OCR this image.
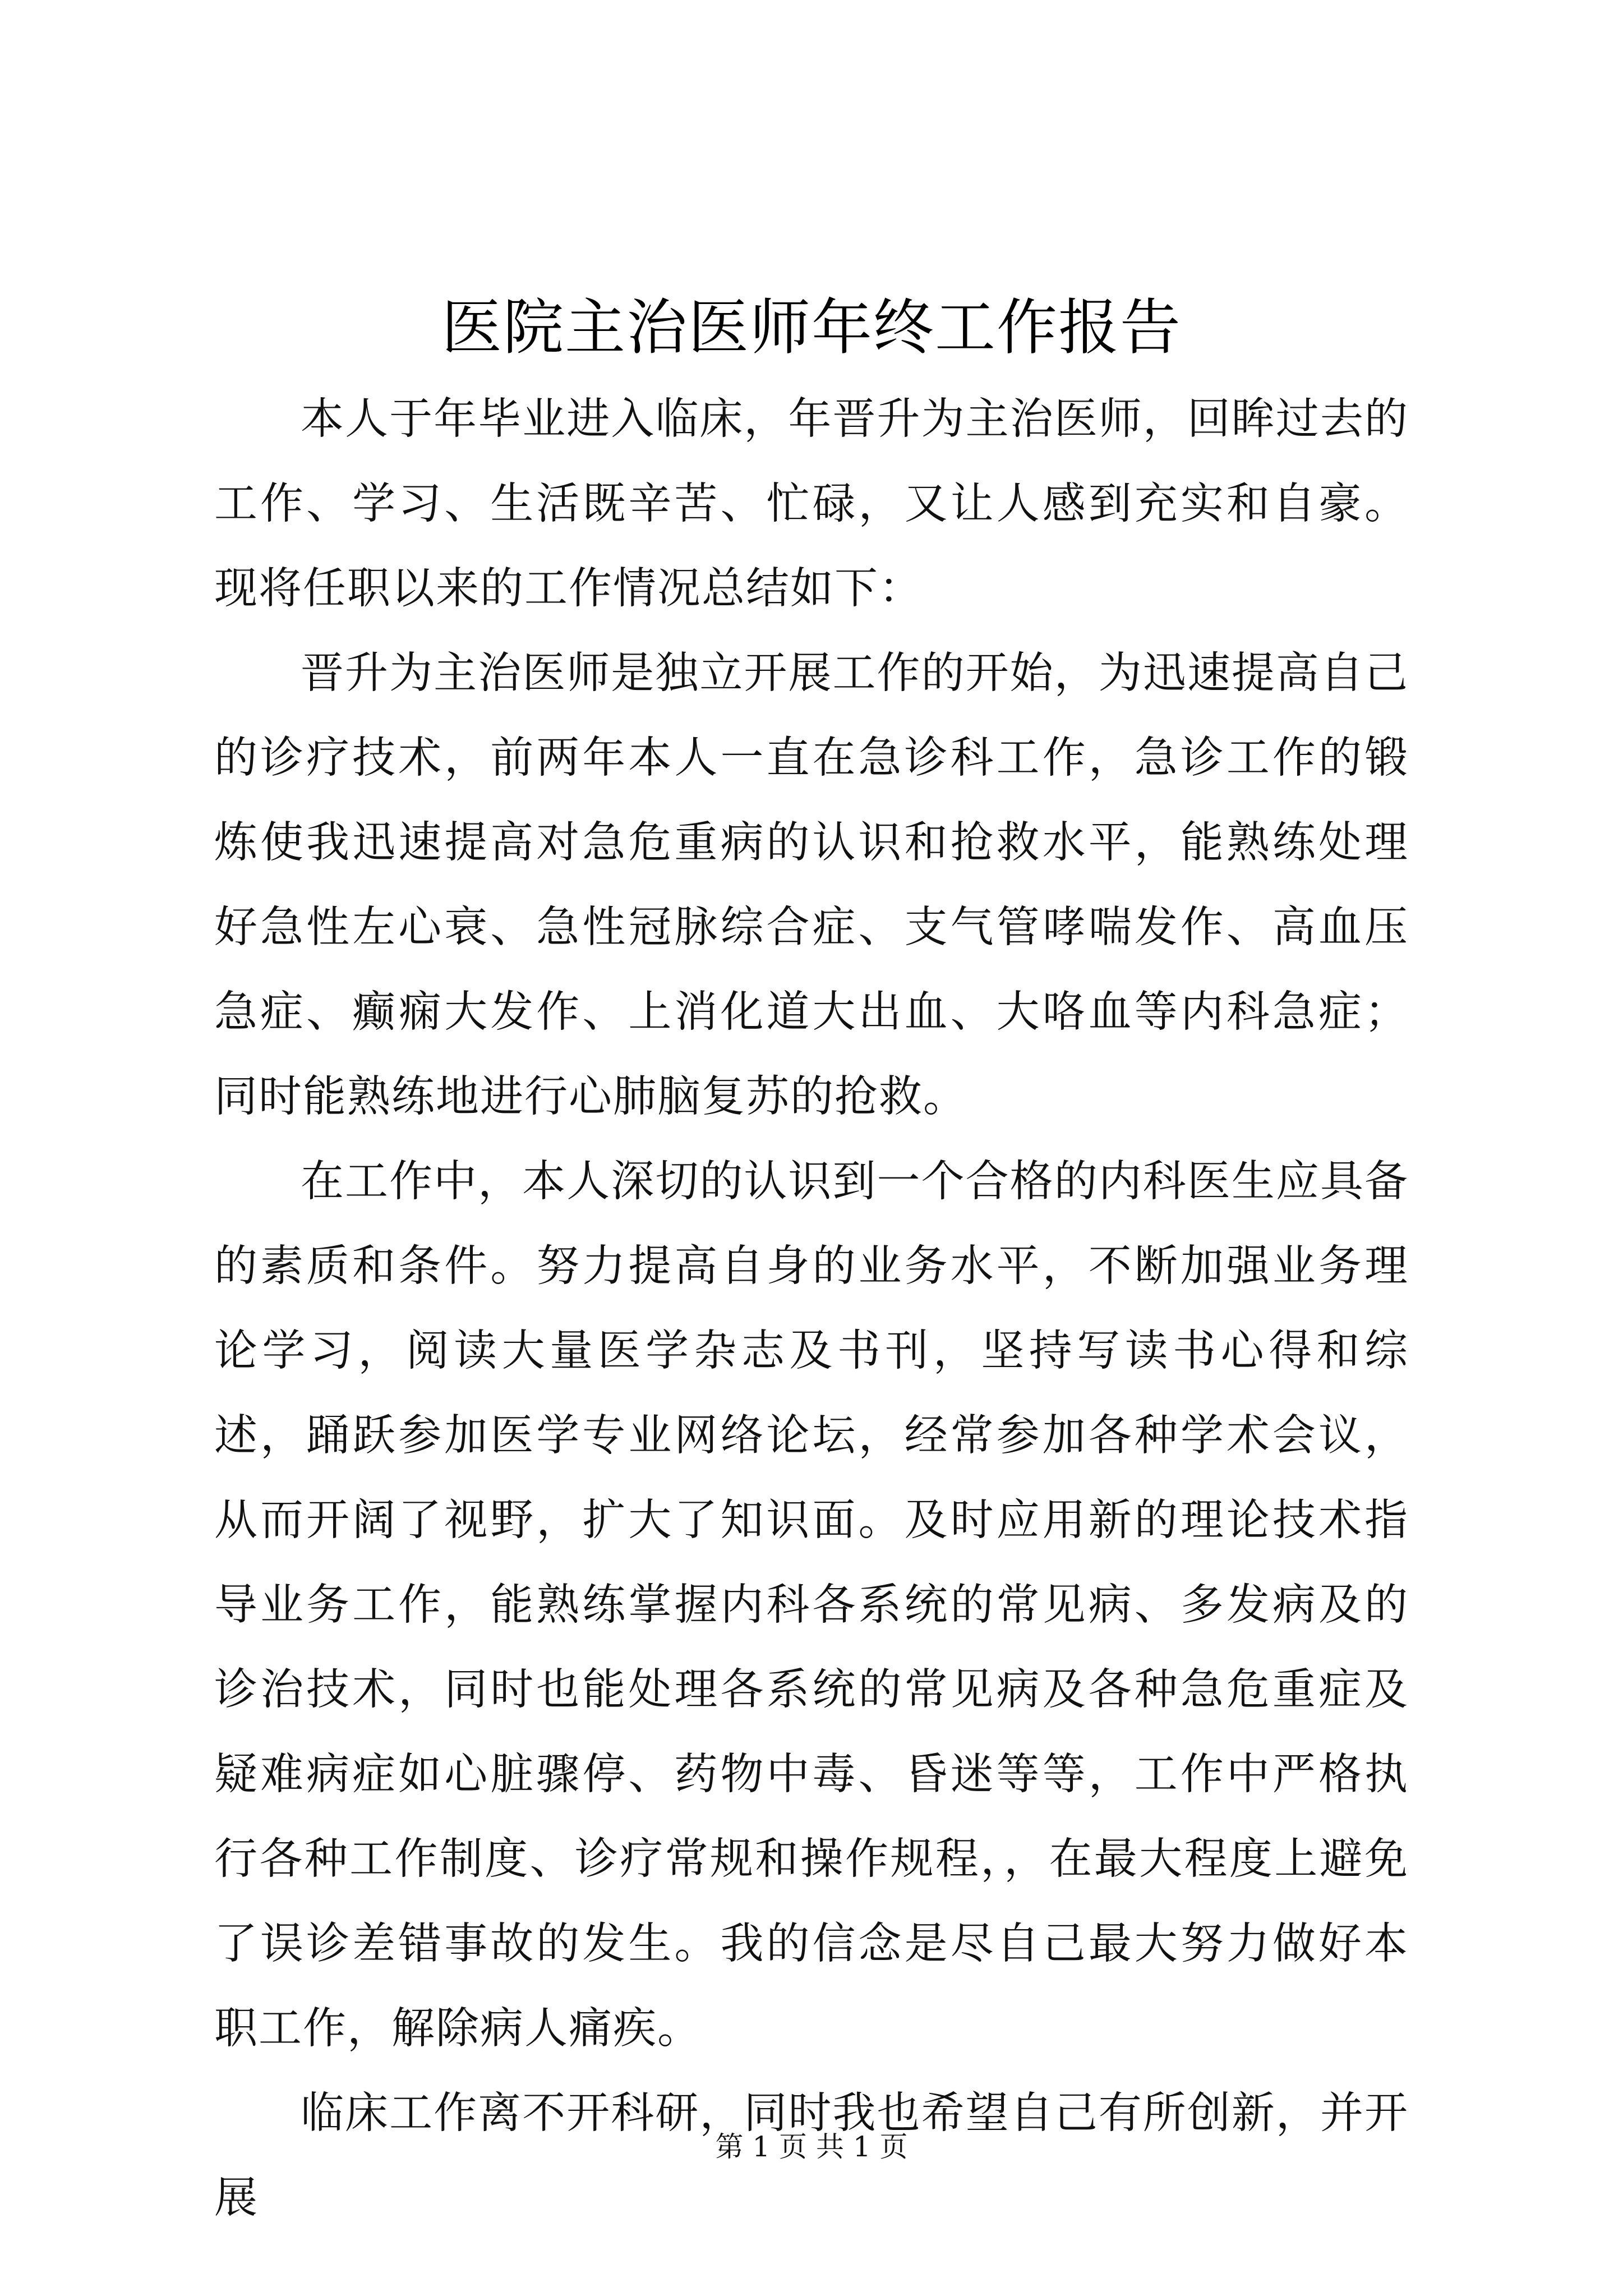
医院主治医师年终工作报告

本人于年毕业进入临床，年晋升为主治医师，回眸过去的工作、学习、生活既辛苦、忙碌，又让人感到充实和自豪。现将任职以来的工作情况总结如下：

晋升为主治医师是独立开展工作的开始，为迅速提高自己的诊疗技术，前两年本人一直在急诊科工作，急诊工作的锻炼使我迅速提高对急危重病的认识和抢救水平，能熟练处理好急性左心衰、急性冠脉综合症、支气管哮喘发作、高血压急症、癫痫大发作、上消化道大出血、大咯血等内科急症；同时能熟练地进行心肺脑复苏的抢救。

在工作中，本人深切的认识到一个合格的内科医生应具备的素质和条件。努力提高自身的业务水平，不断加强业务理论学习，阅读大量医学杂志及书刊，坚持写读书心得和综述，踊跃参加医学专业网络论坛，经常参加各种学术会议，从而开阔了视野，扩大了知识面。及时应用新的理论技术指导业务工作，能熟练掌握内科各系统的常见病、多发病及的诊治技术，同时也能处理各系统的常见病及各种急危重症及疑难病症如心脏骤停、药物中毒、昏迷等等，工作中严格执行各种工作制度、诊疗常规和操作规程，，在最大程度上避免了误诊差错事故的发生。我的信念是尽自己最大努力做好本职工作，解除病人痛疾。

临床工作离不开科研，同时我也希望自己有所创新，并开展

第 1 页 共 1 页
